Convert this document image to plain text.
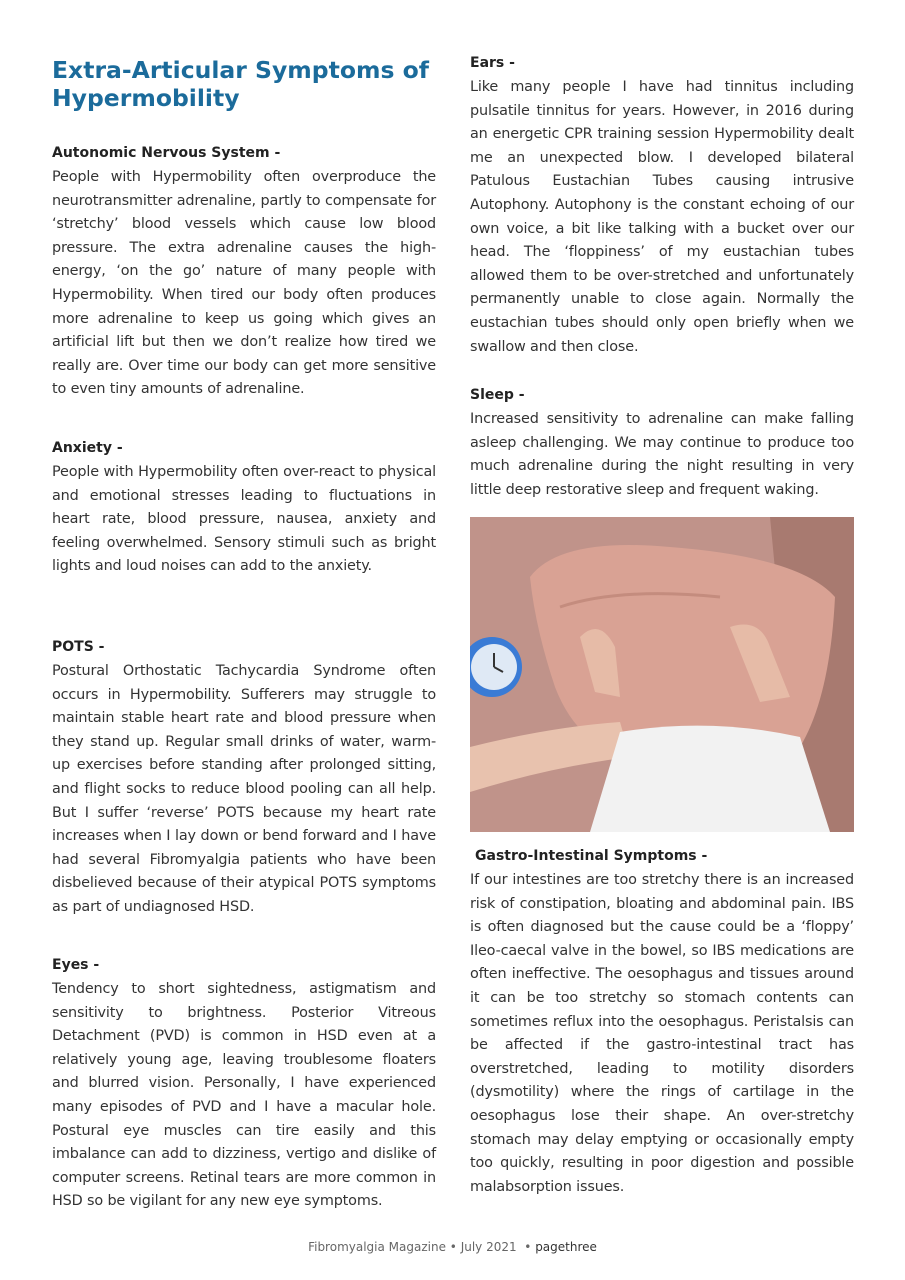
Extra-Articular Symptoms of Hypermobility
Autonomic Nervous System -

People with Hypermobility often overproduce the neurotransmitter adrenaline, partly to compensate for ‘stretchy’ blood vessels which cause low blood pressure. The extra adrenaline causes the high-energy, ‘on the go’ nature of many people with Hypermobility. When tired our body often produces more adrenaline to keep us going which gives an artificial lift but then we don’t realize how tired we really are. Over time our body can get more sensitive to even tiny amounts of adrenaline.

Anxiety -

People with Hypermobility often over-react to physical and emotional stresses leading to fluctuations in heart rate, blood pressure, nausea, anxiety and feeling overwhelmed. Sensory stimuli such as bright lights and loud noises can add to the anxiety.

POTS -

Postural Orthostatic Tachycardia Syndrome often occurs in Hypermobility. Sufferers may struggle to maintain stable heart rate and blood pressure when they stand up. Regular small drinks of water, warm-up exercises before standing after prolonged sitting, and flight socks to reduce blood pooling can all help. But I suffer ‘reverse’ POTS because my heart rate increases when I lay down or bend forward and I have had several Fibromyalgia patients who have been disbelieved because of their atypical POTS symptoms as part of undiagnosed HSD.

Eyes -

Tendency to short sightedness, astigmatism and sensitivity to brightness. Posterior Vitreous Detachment (PVD) is common in HSD even at a relatively young age, leaving troublesome floaters and blurred vision. Personally, I have experienced many episodes of PVD and I have a macular hole. Postural eye muscles can tire easily and this imbalance can add to dizziness, vertigo and dislike of computer screens. Retinal tears are more common in HSD so be vigilant for any new eye symptoms.

Ears -

Like many people I have had tinnitus including pulsatile tinnitus for years. However, in 2016 during an energetic CPR training session Hypermobility dealt me an unexpected blow. I developed bilateral Patulous Eustachian Tubes causing intrusive Autophony. Autophony is the constant echoing of our own voice, a bit like talking with a bucket over our head. The ‘floppiness’ of my eustachian tubes allowed them to be over-stretched and unfortunately permanently unable to close again. Normally the eustachian tubes should only open briefly when we swallow and then close.

Sleep -

Increased sensitivity to adrenaline can make falling asleep challenging. We may continue to produce too much adrenaline during the night resulting in very little deep restorative sleep and frequent waking.

Gastro-Intestinal Symptoms -

If our intestines are too stretchy there is an increased risk of constipation, bloating and abdominal pain. IBS is often diagnosed but the cause could be a ‘floppy’ Ileo-caecal valve in the bowel, so IBS medications are often ineffective. The oesophagus and tissues around it can be too stretchy so stomach contents can sometimes reflux into the oesophagus. Peristalsis can be affected if the gastro-intestinal tract has overstretched, leading to motility disorders (dysmotility) where the rings of cartilage in the oesophagus lose their shape. An over-stretchy stomach may delay emptying or occasionally empty too quickly, resulting in poor digestion and possible malabsorption issues.

Fibromyalgia Magazine • July 2021 • pagethree
